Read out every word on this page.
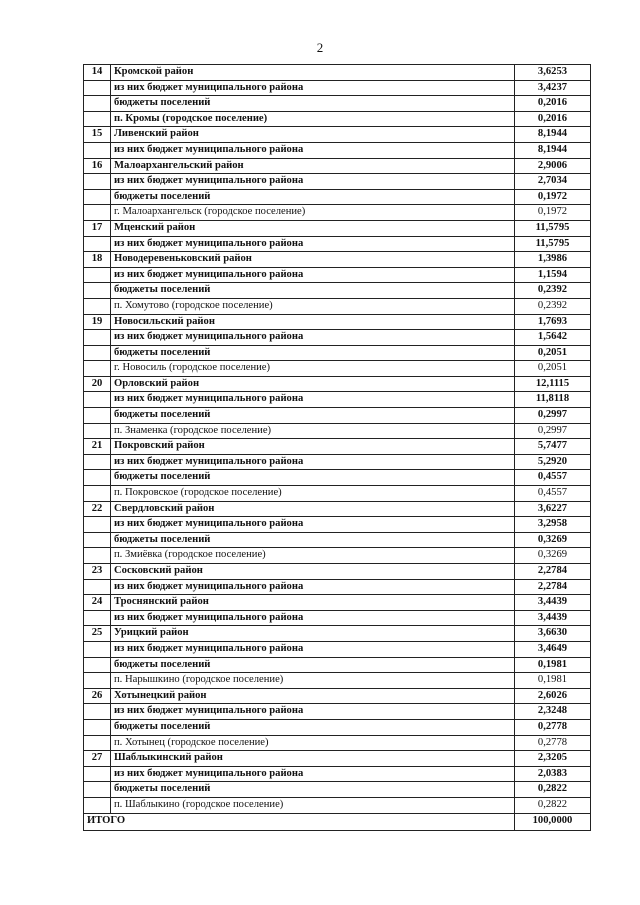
2
14	Кромской район	3,6253
	из них бюджет муниципального района	3,4237
	бюджеты поселений	0,2016
	п. Кромы (городское поселение)	0,2016
15	Ливенский район	8,1944
	из них бюджет муниципального района	8,1944
16	Малоархангельский район	2,9006
	из них бюджет муниципального района	2,7034
	бюджеты поселений	0,1972
	г. Малоархангельск (городское поселение)	0,1972
17	Мценский район	11,5795
	из них бюджет муниципального района	11,5795
18	Новодеревеньковский район	1,3986
	из них бюджет муниципального района	1,1594
	бюджеты поселений	0,2392
	п. Хомутово (городское поселение)	0,2392
19	Новосильский район	1,7693
	из них бюджет муниципального района	1,5642
	бюджеты поселений	0,2051
	г. Новосиль (городское поселение)	0,2051
20	Орловский район	12,1115
	из них бюджет муниципального района	11,8118
	бюджеты поселений	0,2997
	п. Знаменка (городское поселение)	0,2997
21	Покровский район	5,7477
	из них бюджет муниципального района	5,2920
	бюджеты поселений	0,4557
	п. Покровское (городское поселение)	0,4557
22	Свердловский район	3,6227
	из них бюджет муниципального района	3,2958
	бюджеты поселений	0,3269
	п. Змиёвка (городское поселение)	0,3269
23	Сосковский район	2,2784
	из них бюджет муниципального района	2,2784
24	Троснянский район	3,4439
	из них бюджет муниципального района	3,4439
25	Урицкий район	3,6630
	из них бюджет муниципального района	3,4649
	бюджеты поселений	0,1981
	п. Нарышкино (городское поселение)	0,1981
26	Хотынецкий район	2,6026
	из них бюджет муниципального района	2,3248
	бюджеты поселений	0,2778
	п. Хотынец (городское поселение)	0,2778
27	Шаблыкинский район	2,3205
	из них бюджет муниципального района	2,0383
	бюджеты поселений	0,2822
	п. Шаблыкино (городское поселение)	0,2822
ИТОГО		100,0000
